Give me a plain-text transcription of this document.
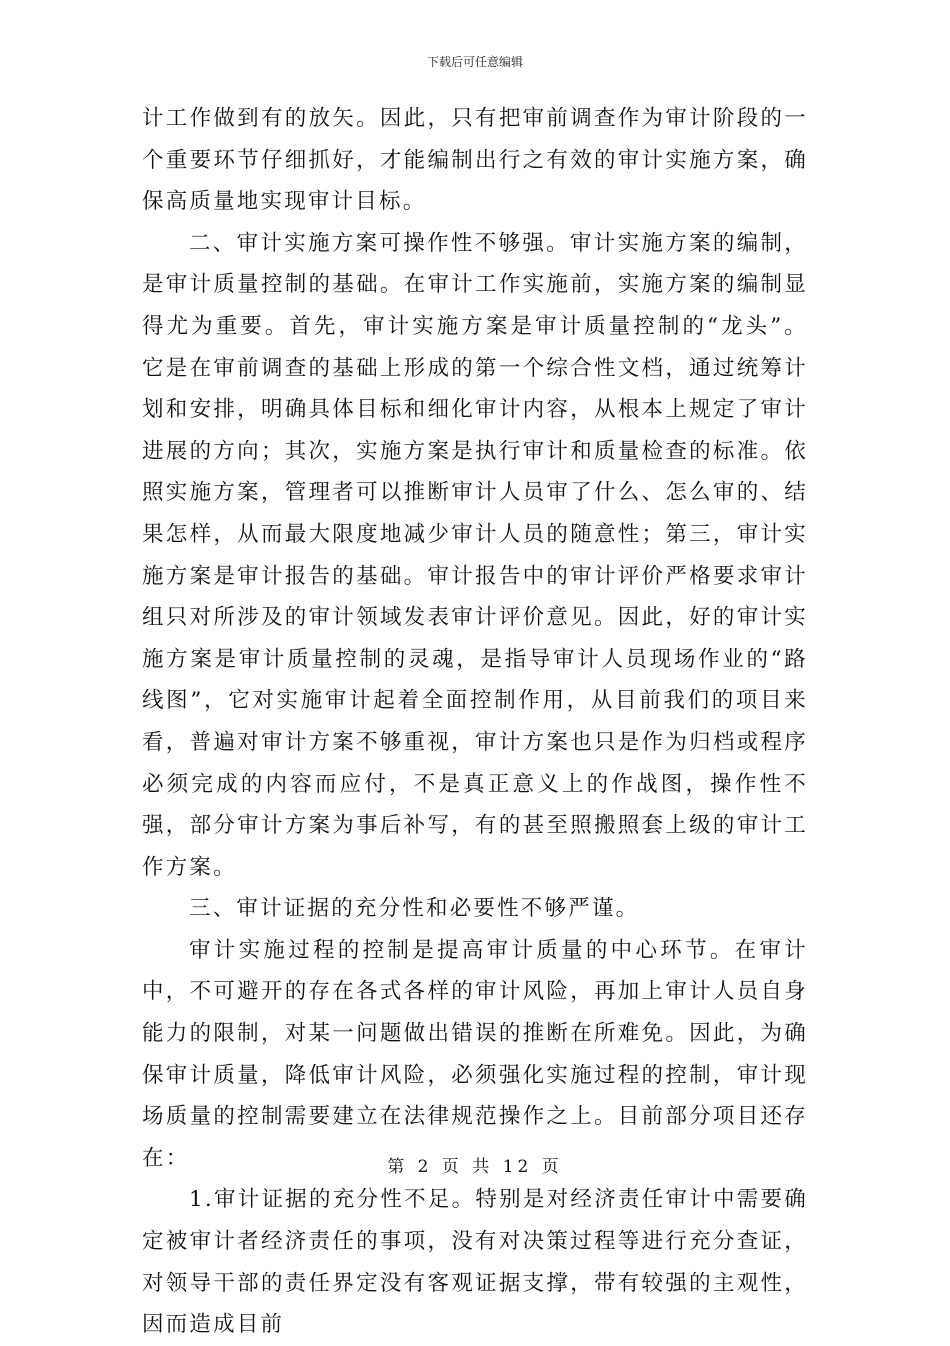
下载后可任意编辑

计工作做到有的放矢。因此，只有把审前调查作为审计阶段的一个重要环节仔细抓好，才能编制出行之有效的审计实施方案，确保高质量地实现审计目标。

二、审计实施方案可操作性不够强。审计实施方案的编制，是审计质量控制的基础。在审计工作实施前，实施方案的编制显得尤为重要。首先，审计实施方案是审计质量控制的“龙头”。它是在审前调查的基础上形成的第一个综合性文档，通过统筹计划和安排，明确具体目标和细化审计内容，从根本上规定了审计进展的方向；其次，实施方案是执行审计和质量检查的标准。依照实施方案，管理者可以推断审计人员审了什么、怎么审的、结果怎样，从而最大限度地减少审计人员的随意性；第三，审计实施方案是审计报告的基础。审计报告中的审计评价严格要求审计组只对所涉及的审计领域发表审计评价意见。因此，好的审计实施方案是审计质量控制的灵魂，是指导审计人员现场作业的“路线图”，它对实施审计起着全面控制作用，从目前我们的项目来看，普遍对审计方案不够重视，审计方案也只是作为归档或程序必须完成的内容而应付，不是真正意义上的作战图，操作性不强，部分审计方案为事后补写，有的甚至照搬照套上级的审计工作方案。

三、审计证据的充分性和必要性不够严谨。

审计实施过程的控制是提高审计质量的中心环节。在审计中，不可避开的存在各式各样的审计风险，再加上审计人员自身能力的限制，对某一问题做出错误的推断在所难免。因此，为确保审计质量，降低审计风险，必须强化实施过程的控制，审计现场质量的控制需要建立在法律规范操作之上。目前部分项目还存在：

1.审计证据的充分性不足。特别是对经济责任审计中需要确定被审计者经济责任的事项，没有对决策过程等进行充分查证，对领导干部的责任界定没有客观证据支撑，带有较强的主观性，因而造成目前

第 2 页 共 12 页
